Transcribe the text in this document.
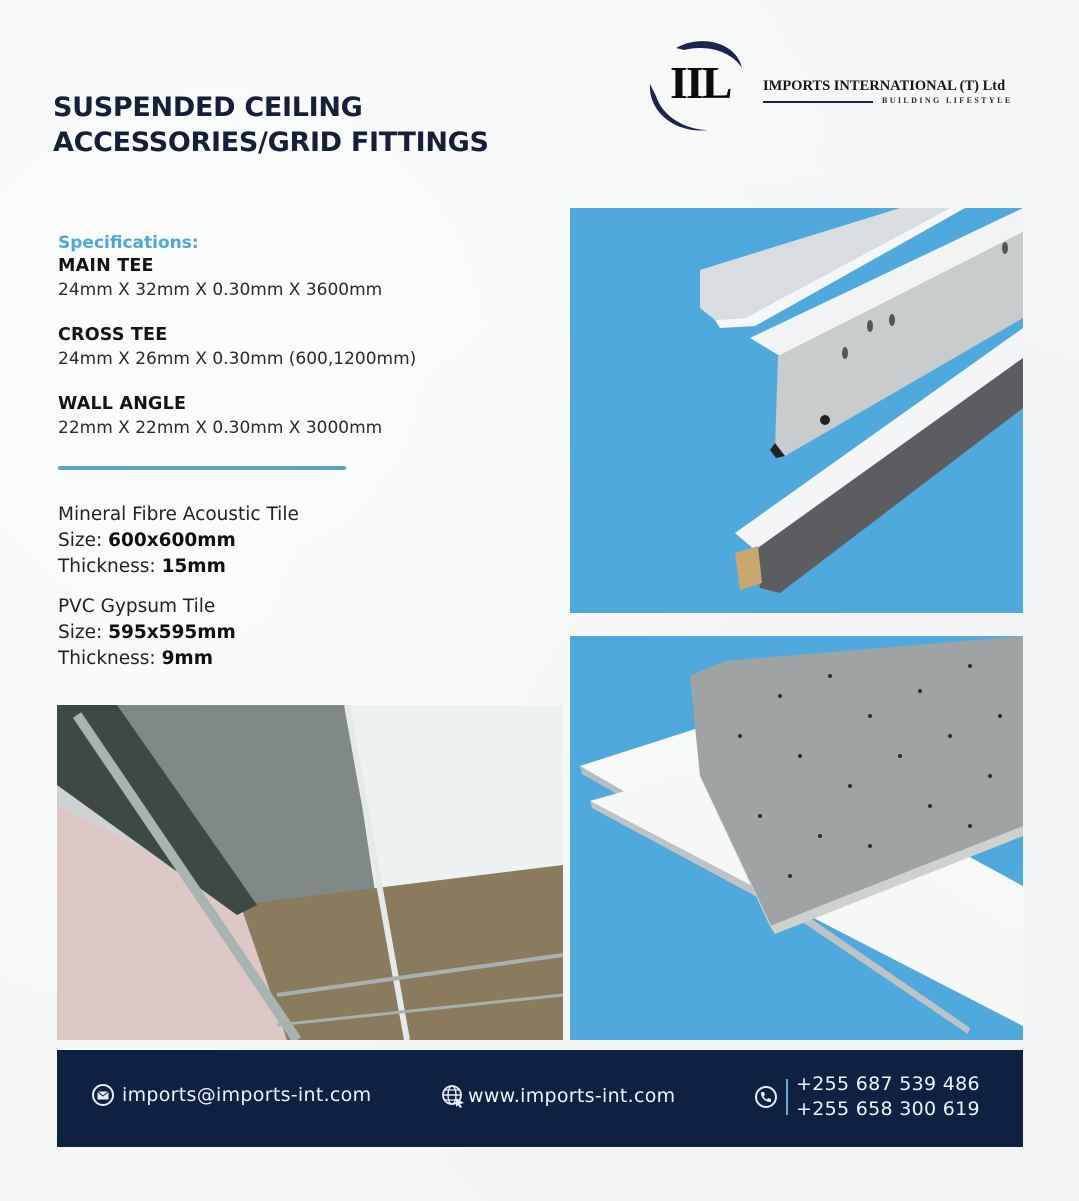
IIL IMPORTS INTERNATIONAL (T) Ltd
BUILDING LIFESTYLE
SUSPENDED CEILING
ACCESSORIES/GRID FITTINGS
Specifications:
MAIN TEE
24mm X 32mm X 0.30mm X 3600mm
CROSS TEE
24mm X 26mm X 0.30mm (600,1200mm)
WALL ANGLE
22mm X 22mm X 0.30mm X 3000mm
Mineral Fibre Acoustic Tile
Size: 600x600mm
Thickness: 15mm
PVC Gypsum Tile
Size: 595x595mm
Thickness: 9mm
imports@imports-int.com	www.imports-int.com
+255 687 539 486
+255 658 300 619
